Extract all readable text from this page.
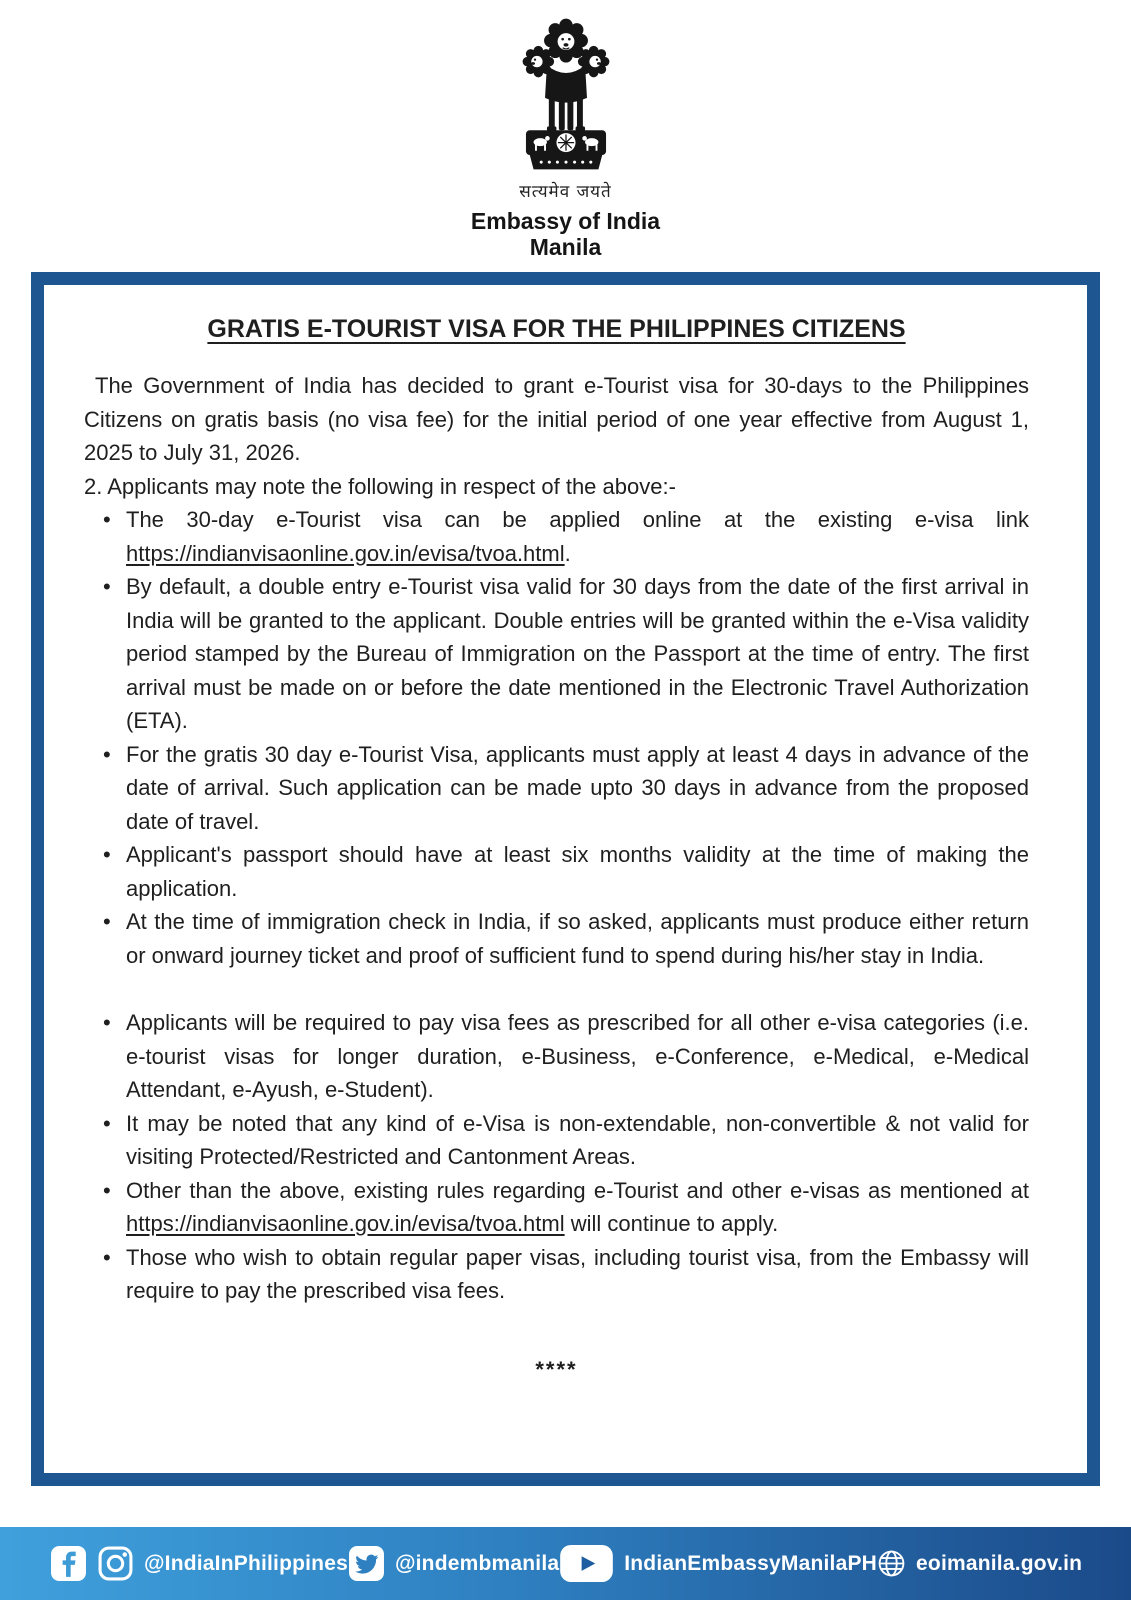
सत्यमेव जयते
Embassy of India
Manila
GRATIS E-TOURIST VISA FOR THE PHILIPPINES CITIZENS

The Government of India has decided to grant e-Tourist visa for 30-days to the Philippines Citizens on gratis basis (no visa fee) for the initial period of one year effective from August 1, 2025 to July 31, 2026.

2. Applicants may note the following in respect of the above:-

• The 30-day e-Tourist visa can be applied online at the existing e-visa link https://indianvisaonline.gov.in/evisa/tvoa.html.
• By default, a double entry e-Tourist visa valid for 30 days from the date of the first arrival in India will be granted to the applicant. Double entries will be granted within the e-Visa validity period stamped by the Bureau of Immigration on the Passport at the time of entry. The first arrival must be made on or before the date mentioned in the Electronic Travel Authorization (ETA).
• For the gratis 30 day e-Tourist Visa, applicants must apply at least 4 days in advance of the date of arrival. Such application can be made upto 30 days in advance from the proposed date of travel.
• Applicant's passport should have at least six months validity at the time of making the application.
• At the time of immigration check in India, if so asked, applicants must produce either return or onward journey ticket and proof of sufficient fund to spend during his/her stay in India.
• Applicants will be required to pay visa fees as prescribed for all other e-visa categories (i.e. e-tourist visas for longer duration, e-Business, e-Conference, e-Medical, e-Medical Attendant, e-Ayush, e-Student).
• It may be noted that any kind of e-Visa is non-extendable, non-convertible & not valid for visiting Protected/Restricted and Cantonment Areas.
• Other than the above, existing rules regarding e-Tourist and other e-visas as mentioned at https://indianvisaonline.gov.in/evisa/tvoa.html will continue to apply.
• Those who wish to obtain regular paper visas, including tourist visa, from the Embassy will require to pay the prescribed visa fees.
****
@IndiaInPhilippines @indembmanila	IndianEmbassyManilaPH eoimanila.gov.in
